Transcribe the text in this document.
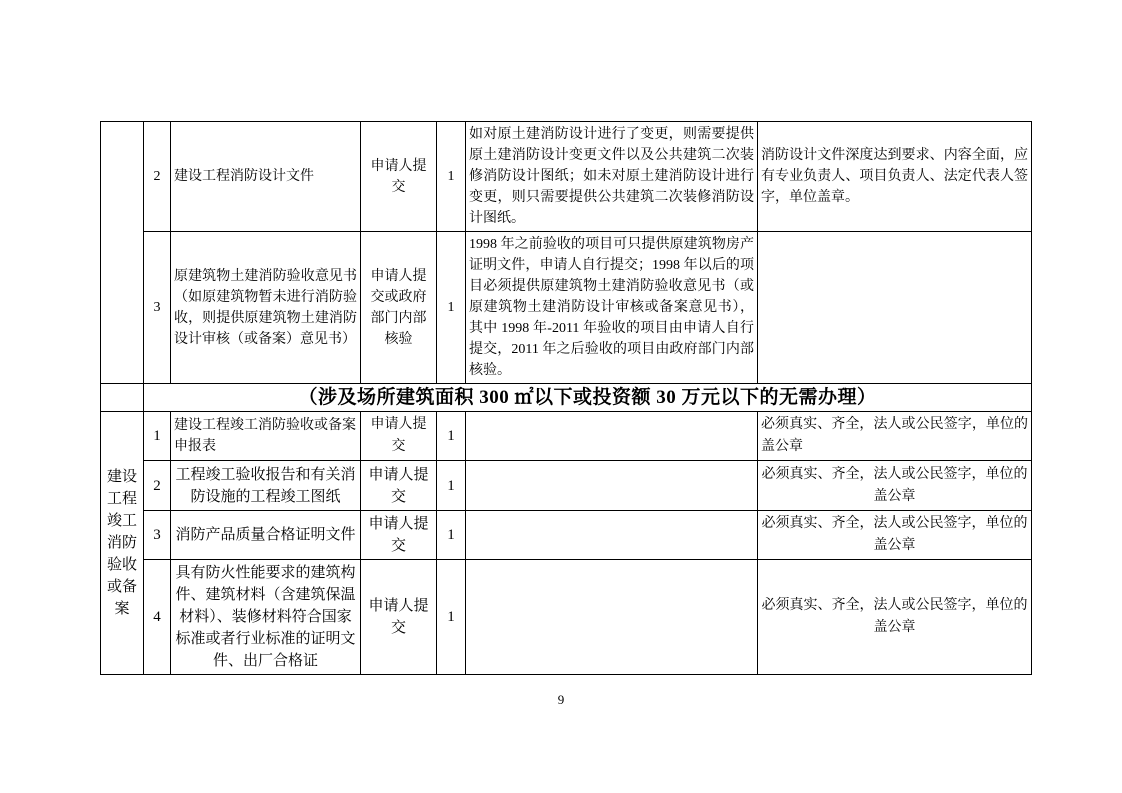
	2	建设工程消防设计文件	申请人提交	1	如对原土建消防设计进行了变更，则需要提供原土建消防设计变更文件以及公共建筑二次装修消防设计图纸；如未对原土建消防设计进行变更，则只需要提供公共建筑二次装修消防设计图纸。	消防设计文件深度达到要求、内容全面，应有专业负责人、项目负责人、法定代表人签字，单位盖章。
	3	原建筑物土建消防验收意见书（如原建筑物暂未进行消防验收，则提供原建筑物土建消防设计审核（或备案）意见书）	申请人提交或政府部门内部核验	1	1998 年之前验收的项目可只提供原建筑物房产证明文件，申请人自行提交；1998 年以后的项目必须提供原建筑物土建消防验收意见书（或原建筑物土建消防设计审核或备案意见书），其中 1998 年-2011 年验收的项目由申请人自行提交，2011 年之后验收的项目由政府部门内部核验。	
	（涉及场所建筑面积 300 ㎡以下或投资额 30 万元以下的无需办理）					
建设工程竣工消防验收或备案	1	建设工程竣工消防验收或备案申报表	申请人提交	1		必须真实、齐全，法人或公民签字，单位的盖公章
	2	工程竣工验收报告和有关消防设施的工程竣工图纸	申请人提交	1		必须真实、齐全，法人或公民签字，单位的盖公章
	3	消防产品质量合格证明文件	申请人提交	1		必须真实、齐全，法人或公民签字，单位的盖公章
	4	具有防火性能要求的建筑构件、建筑材料（含建筑保温材料）、装修材料符合国家标准或者行业标准的证明文件、出厂合格证	申请人提交	1		必须真实、齐全，法人或公民签字，单位的盖公章
9
